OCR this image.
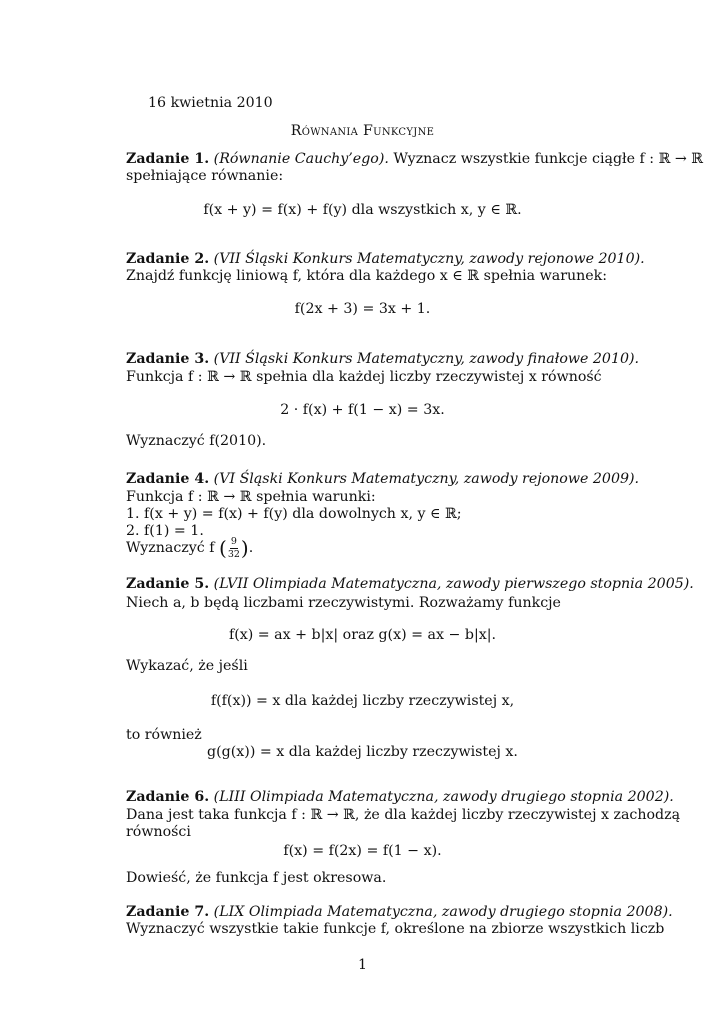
16 kwietnia 2010
Równania Funkcyjne
Zadanie 1. (Równanie Cauchy’ego). Wyznacz wszystkie funkcje ciągłe f : ℝ → ℝ
spełniające równanie:
f(x + y) = f(x) + f(y) dla wszystkich x, y ∈ ℝ.
Zadanie 2. (VII Śląski Konkurs Matematyczny, zawody rejonowe 2010).
Znajdź funkcję liniową f, która dla każdego x ∈ ℝ spełnia warunek:
f(2x + 3) = 3x + 1.
Zadanie 3. (VII Śląski Konkurs Matematyczny, zawody finałowe 2010).
Funkcja f : ℝ → ℝ spełnia dla każdej liczby rzeczywistej x równość
2 · f(x) + f(1 − x) = 3x.
Wyznaczyć f(2010).
Zadanie 4. (VI Śląski Konkurs Matematyczny, zawody rejonowe 2009).
Funkcja f : ℝ → ℝ spełnia warunki:
1. f(x + y) = f(x) + f(y) dla dowolnych x, y ∈ ℝ;
2. f(1) = 1.
Wyznaczyć f ( $\frac{9}{32}$ ).
Zadanie 5. (LVII Olimpiada Matematyczna, zawody pierwszego stopnia 2005).
Niech a, b będą liczbami rzeczywistymi. Rozważamy funkcje
f(x) = ax + b|x| oraz g(x) = ax − b|x|.
Wykazać, że jeśli
f(f(x)) = x dla każdej liczby rzeczywistej x,
to również
g(g(x)) = x dla każdej liczby rzeczywistej x.
Zadanie 6. (LIII Olimpiada Matematyczna, zawody drugiego stopnia 2002).
Dana jest taka funkcja f : ℝ → ℝ, że dla każdej liczby rzeczywistej x zachodzą
równości
f(x) = f(2x) = f(1 − x).
Dowieść, że funkcja f jest okresowa.
Zadanie 7. (LIX Olimpiada Matematyczna, zawody drugiego stopnia 2008).
Wyznaczyć wszystkie takie funkcje f, określone na zbiorze wszystkich liczb
1
